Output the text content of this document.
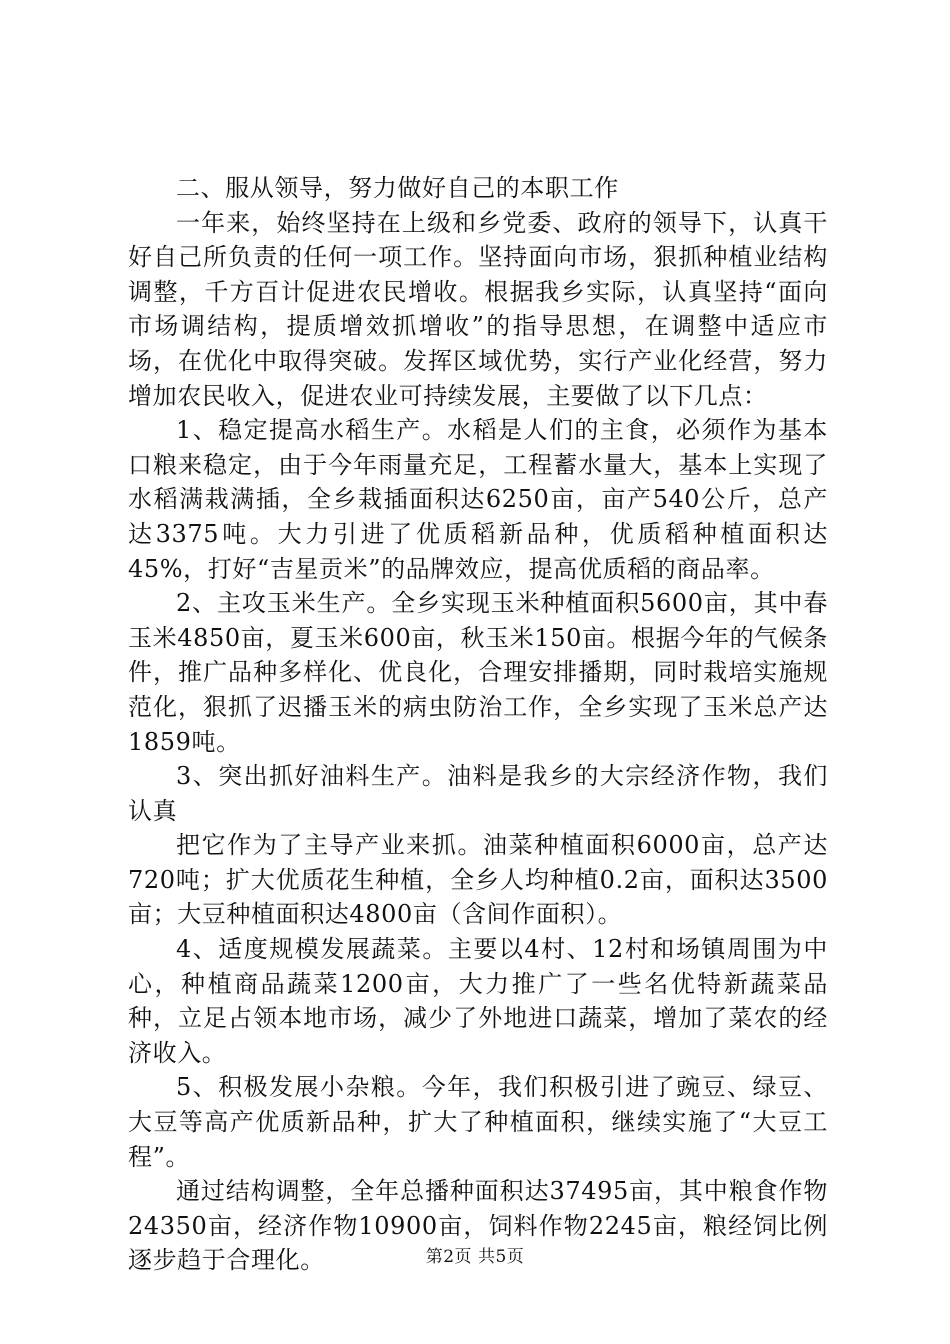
二、服从领导，努力做好自己的本职工作

一年来，始终坚持在上级和乡党委、政府的领导下，认真干好自己所负责的任何一项工作。坚持面向市场，狠抓种植业结构调整，千方百计促进农民增收。根据我乡实际，认真坚持“面向市场调结构，提质增效抓增收”的指导思想，在调整中适应市场，在优化中取得突破。发挥区域优势，实行产业化经营，努力增加农民收入，促进农业可持续发展，主要做了以下几点：

1、稳定提高水稻生产。水稻是人们的主食，必须作为基本口粮来稳定，由于今年雨量充足，工程蓄水量大，基本上实现了水稻满栽满插，全乡栽插面积达6250亩，亩产540公斤，总产达3375吨。大力引进了优质稻新品种，优质稻种植面积达45%，打好“吉星贡米”的品牌效应，提高优质稻的商品率。

2、主攻玉米生产。全乡实现玉米种植面积5600亩，其中春玉米4850亩，夏玉米600亩，秋玉米150亩。根据今年的气候条件，推广品种多样化、优良化，合理安排播期，同时栽培实施规范化，狠抓了迟播玉米的病虫防治工作，全乡实现了玉米总产达1859吨。

3、突出抓好油料生产。油料是我乡的大宗经济作物，我们认真

把它作为了主导产业来抓。油菜种植面积6000亩，总产达720吨；扩大优质花生种植，全乡人均种植0.2亩，面积达3500亩；大豆种植面积达4800亩（含间作面积）。

4、适度规模发展蔬菜。主要以4村、12村和场镇周围为中心，种植商品蔬菜1200亩，大力推广了一些名优特新蔬菜品种，立足占领本地市场，减少了外地进口蔬菜，增加了菜农的经济收入。

5、积极发展小杂粮。今年，我们积极引进了豌豆、绿豆、大豆等高产优质新品种，扩大了种植面积，继续实施了“大豆工程”。

通过结构调整，全年总播种面积达37495亩，其中粮食作物24350亩，经济作物10900亩，饲料作物2245亩，粮经饲比例逐步趋于合理化。	第2页 共5页
